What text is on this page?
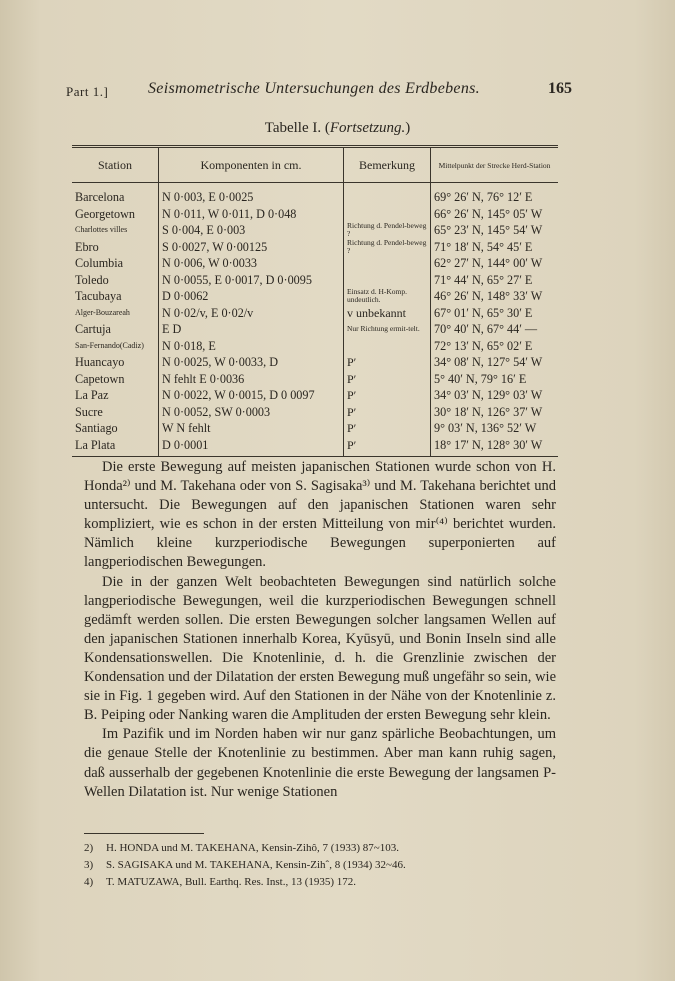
Part 1.] Seismometrische Untersuchungen des Erdbebens.	165
Tabelle I. (Fortsetzung.)
Station	Komponenten in cm.	Bemerkung	Mittelpunkt der Strecke Herd-Station
Barcelona	N 0·003, E 0·0025		69° 26′ N, 76° 12′ E
Georgetown	N 0·011, W 0·011, D 0·048		66° 26′ N, 145° 05′ W
Charlottes villes	S 0·004, E 0·003	Richtung d. Pendel-beweg ?	65° 23′ N, 145° 54′ W
Ebro	S 0·0027, W 0·00125	Richtung d. Pendel-beweg ?	71° 18′ N, 54° 45′ E
Columbia	N 0·006, W 0·0033		62° 27′ N, 144° 00′ W
Toledo	N 0·0055, E 0·0017, D 0·0095		71° 44′ N, 65° 27′ E
Tacubaya	D 0·0062	Einsatz d. H-Komp. undeutlich.	46° 26′ N, 148° 33′ W
Alger-Bouzareah	N 0·02/v, E 0·02/v	v unbekannt	67° 01′ N, 65° 30′ E
Cartuja	E D	Nur Richtung ermit-telt.	70° 40′ N, 67° 44′ —
San-Fernando(Cadiz)	N 0·018, E		72° 13′ N, 65° 02′ E
Huancayo	N 0·0025, W 0·0033, D	P′	34° 08′ N, 127° 54′ W
Capetown	N fehlt E 0·0036	P′	5° 40′ N, 79° 16′ E
La Paz	N 0·0022, W 0·0015, D 0 0097	P′	34° 03′ N, 129° 03′ W
Sucre	N 0·0052, SW 0·0003	P′	30° 18′ N, 126° 37′ W
Santiago	W N fehlt	P′	9° 03′ N, 136° 52′ W
La Plata	D 0·0001	P′	18° 17′ N, 128° 30′ W

Die erste Bewegung auf meisten japanischen Stationen wurde schon von H. Honda²⁾ und M. Takehana oder von S. Sagisaka³⁾ und M. Takehana berichtet und untersucht. Die Bewegungen auf den japanischen Stationen waren sehr kompliziert, wie es schon in der ersten Mitteilung von mir⁽⁴⁾ berichtet wurden. Nämlich kleine kurzperiodische Bewegungen superponierten auf langperiodischen Bewegungen.

Die in der ganzen Welt beobachteten Bewegungen sind natürlich solche langperiodische Bewegungen, weil die kurzperiodischen Bewegungen schnell gedämft werden sollen. Die ersten Bewegungen solcher langsamen Wellen auf den japanischen Stationen innerhalb Korea, Kyūsyū, und Bonin Inseln sind alle Kondensationswellen. Die Knotenlinie, d. h. die Grenzlinie zwischen der Kondensation und der Dilatation der ersten Bewegung muß ungefähr so sein, wie sie in Fig. 1 gegeben wird. Auf den Stationen in der Nähe von der Knotenlinie z. B. Peiping oder Nanking waren die Amplituden der ersten Bewegung sehr klein.

Im Pazifik und im Norden haben wir nur ganz spärliche Beobachtungen, um die genaue Stelle der Knotenlinie zu bestimmen. Aber man kann ruhig sagen, daß ausserhalb der gegebenen Knotenlinie die erste Bewegung der langsamen P-Wellen Dilatation ist. Nur wenige Stationen

2) H. HONDA und M. TAKEHANA, Kensin-Zihô, 7 (1933) 87~103.
3) S. SAGISAKA und M. TAKEHANA, Kensin-Zihˆ, 8 (1934) 32~46.
4) T. MATUZAWA, Bull. Earthq. Res. Inst., 13 (1935) 172.
